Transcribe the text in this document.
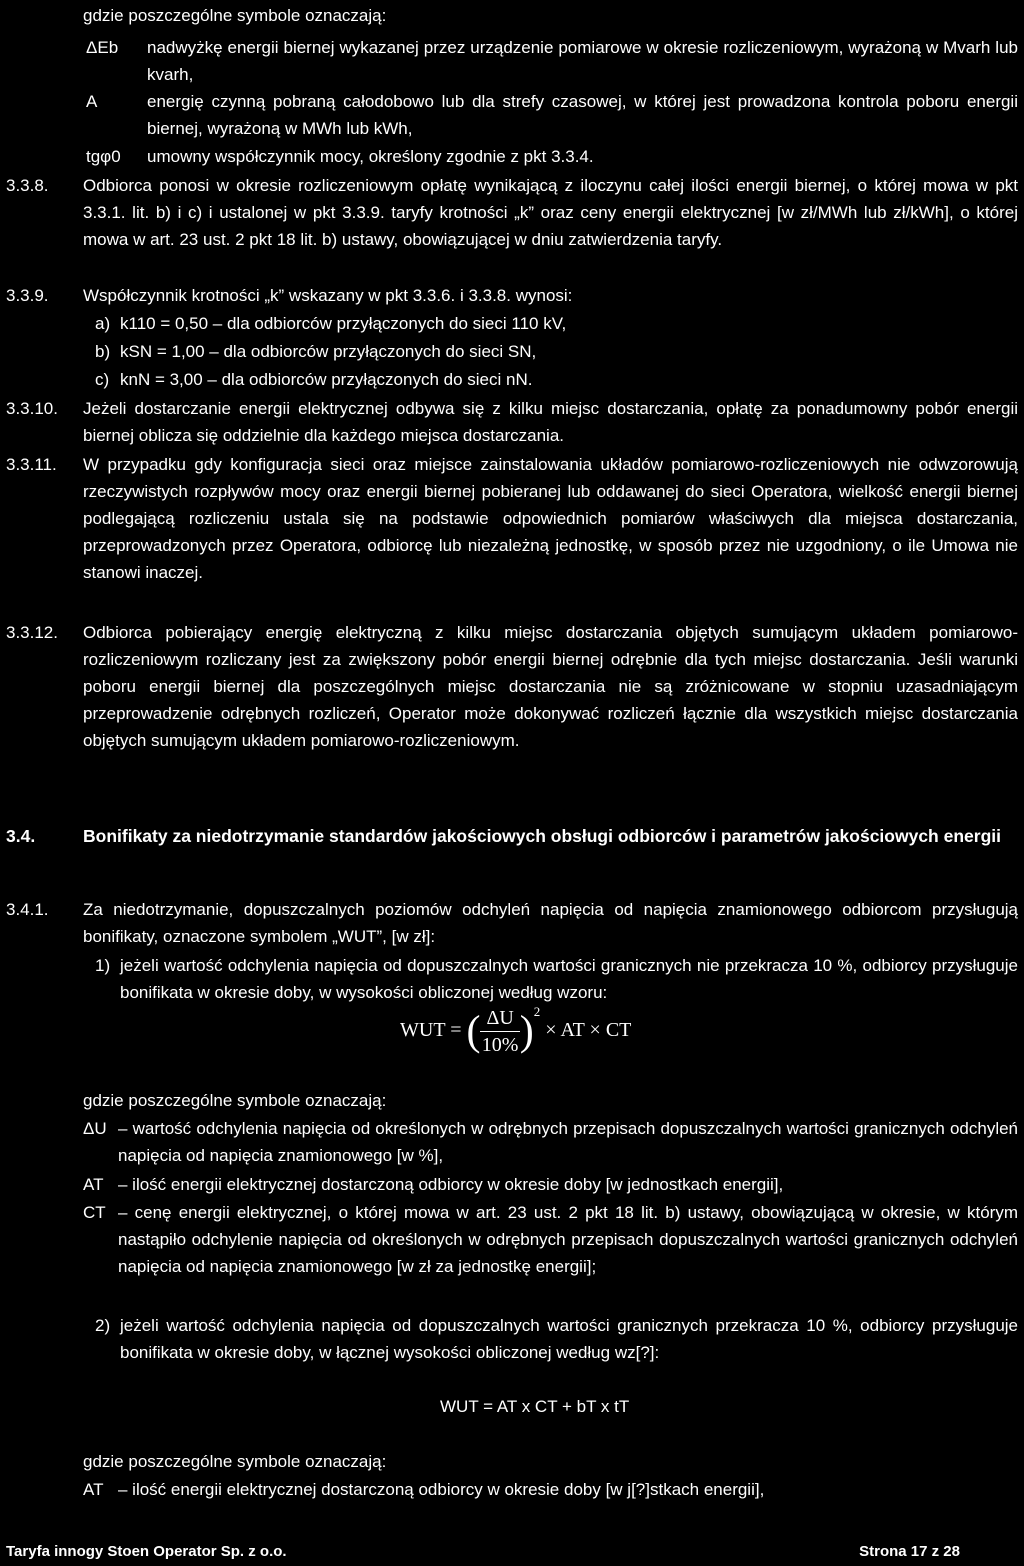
gdzie poszczególne symbole oznaczają:
ΔEb nadwyżkę energii biernej wykazanej przez urządzenie pomiarowe w okresie rozliczeniowym, wyrażoną w Mvarh lub kvarh,
A	energię czynną pobraną całodobowo lub dla strefy czasowej, w której jest prowadzona kontrola poboru energii biernej, wyrażoną w MWh lub kWh,
tgφ0 umowny współczynnik mocy, określony zgodnie z pkt 3.3.4.
3.3.8. Odbiorca ponosi w okresie rozliczeniowym opłatę wynikającą z iloczynu całej ilości energii biernej, o której mowa w pkt 3.3.1. lit. b) i c) i ustalonej w pkt 3.3.9. taryfy krotności „k” oraz ceny energii elektrycznej [w zł/MWh lub zł/kWh], o której mowa w art. 23 ust. 2 pkt 18 lit. b) ustawy, obowiązującej w dniu zatwierdzenia taryfy.
3.3.9. Współczynnik krotności „k” wskazany w pkt 3.3.6. i 3.3.8. wynosi:
a) k110 = 0,50 – dla odbiorców przyłączonych do sieci 110 kV,
b) kSN = 1,00 – dla odbiorców przyłączonych do sieci SN,
c) knN = 3,00 – dla odbiorców przyłączonych do sieci nN.
3.3.10. Jeżeli dostarczanie energii elektrycznej odbywa się z kilku miejsc dostarczania, opłatę za ponadumowny pobór energii biernej oblicza się oddzielnie dla każdego miejsca dostarczania.
3.3.11. W przypadku gdy konfiguracja sieci oraz miejsce zainstalowania układów pomiarowo-rozliczeniowych nie odwzorowują rzeczywistych rozpływów mocy oraz energii biernej pobieranej lub oddawanej do sieci Operatora, wielkość energii biernej podlegającą rozliczeniu ustala się na podstawie odpowiednich pomiarów właściwych dla miejsca dostarczania, przeprowadzonych przez Operatora, odbiorcę lub niezależną jednostkę, w sposób przez nie uzgodniony, o ile Umowa nie stanowi inaczej.
3.3.12. Odbiorca pobierający energię elektryczną z kilku miejsc dostarczania objętych sumującym układem pomiarowo-rozliczeniowym rozliczany jest za zwiększony pobór energii biernej odrębnie dla tych miejsc dostarczania. Jeśli warunki poboru energii biernej dla poszczególnych miejsc dostarczania nie są zróżnicowane w stopniu uzasadniającym przeprowadzenie odrębnych rozliczeń, Operator może dokonywać rozliczeń łącznie dla wszystkich miejsc dostarczania objętych sumującym układem pomiarowo-rozliczeniowym.
3.4.	Bonifikaty za niedotrzymanie standardów jakościowych obsługi odbiorców i parametrów jakościowych energii
3.4.1. Za niedotrzymanie, dopuszczalnych poziomów odchyleń napięcia od napięcia znamionowego odbiorcom przysługują bonifikaty, oznaczone symbolem „WUT”, [w zł]:
1) jeżeli wartość odchylenia napięcia od dopuszczalnych wartości granicznych nie przekracza 10 %, odbiorcy przysługuje bonifikata w okresie doby, w wysokości obliczonej według wzoru:
WUT = ( $\frac{\Delta U}{10\%} )^2$ × AT × CT
gdzie poszczególne symbole oznaczają:
ΔU – wartość odchylenia napięcia od określonych w odrębnych przepisach dopuszczalnych wartości granicznych odchyleń napięcia od napięcia znamionowego [w %],
AT – ilość energii elektrycznej dostarczoną odbiorcy w okresie doby [w jednostkach energii],
CT – cenę energii elektrycznej, o której mowa w art. 23 ust. 2 pkt 18 lit. b) ustawy, obowiązującą w okresie, w którym nastąpiło odchylenie napięcia od określonych w odrębnych przepisach dopuszczalnych wartości granicznych odchyleń napięcia od napięcia znamionowego [w zł za jednostkę energii];
2) jeżeli wartość odchylenia napięcia od dopuszczalnych wartości granicznych przekracza 10 %, odbiorcy przysługuje bonifikata w okresie doby, w łącznej wysokości obliczonej według wz[?]:
WUT = AT x CT + bT x tT
gdzie poszczególne symbole oznaczają:
AT – ilość energii elektrycznej dostarczoną odbiorcy w okresie doby [w j[?]stkach energii],
Taryfa innogy Stoen Operator Sp. z o.o.	Strona 17 z 28
